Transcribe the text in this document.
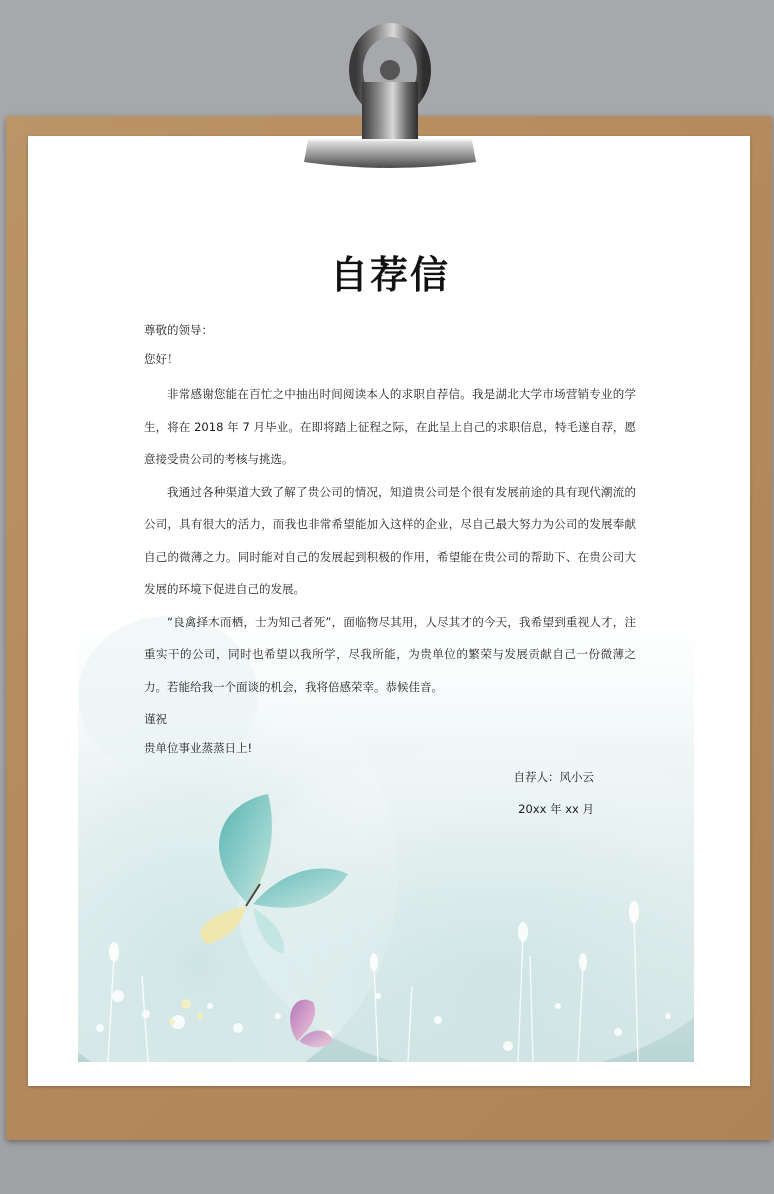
自荐信

尊敬的领导：

您好！

非常感谢您能在百忙之中抽出时间阅读本人的求职自荐信。我是湖北大学市场营销专业的学生，将在 2018 年 7 月毕业。在即将踏上征程之际，在此呈上自己的求职信息，特毛遂自荐，愿意接受贵公司的考核与挑选。

我通过各种渠道大致了解了贵公司的情况，知道贵公司是个很有发展前途的具有现代潮流的公司，具有很大的活力，而我也非常希望能加入这样的企业，尽自己最大努力为公司的发展奉献自己的微薄之力。同时能对自己的发展起到积极的作用，希望能在贵公司的帮助下、在贵公司大发展的环境下促进自己的发展。

“良禽择木而栖，士为知己者死”，面临物尽其用，人尽其才的今天，我希望到重视人才，注重实干的公司，同时也希望以我所学，尽我所能，为贵单位的繁荣与发展贡献自己一份微薄之力。若能给我一个面谈的机会，我将倍感荣幸。恭候佳音。

谨祝

贵单位事业蒸蒸日上!

自荐人：风小云

20xx 年 xx 月
